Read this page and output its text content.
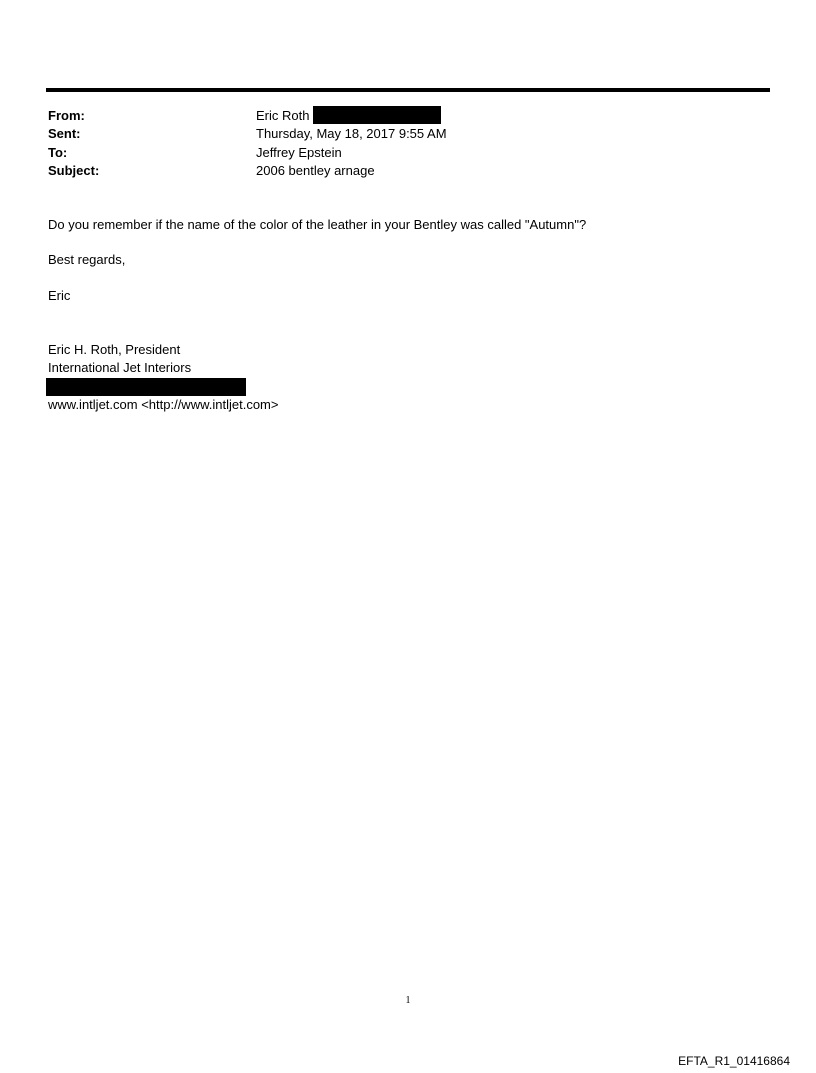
From:	Eric Roth
Sent:	Thursday, May 18, 2017 9:55 AM
To:	Jeffrey Epstein
Subject:	2006 bentley arnage
Do you remember if the name of the color of the leather in your Bentley was called "Autumn"?
Best regards,
Eric
Eric H. Roth, President
International Jet Interiors
www.intljet.com <http://www.intljet.com>
1
EFTA_R1_01416864
